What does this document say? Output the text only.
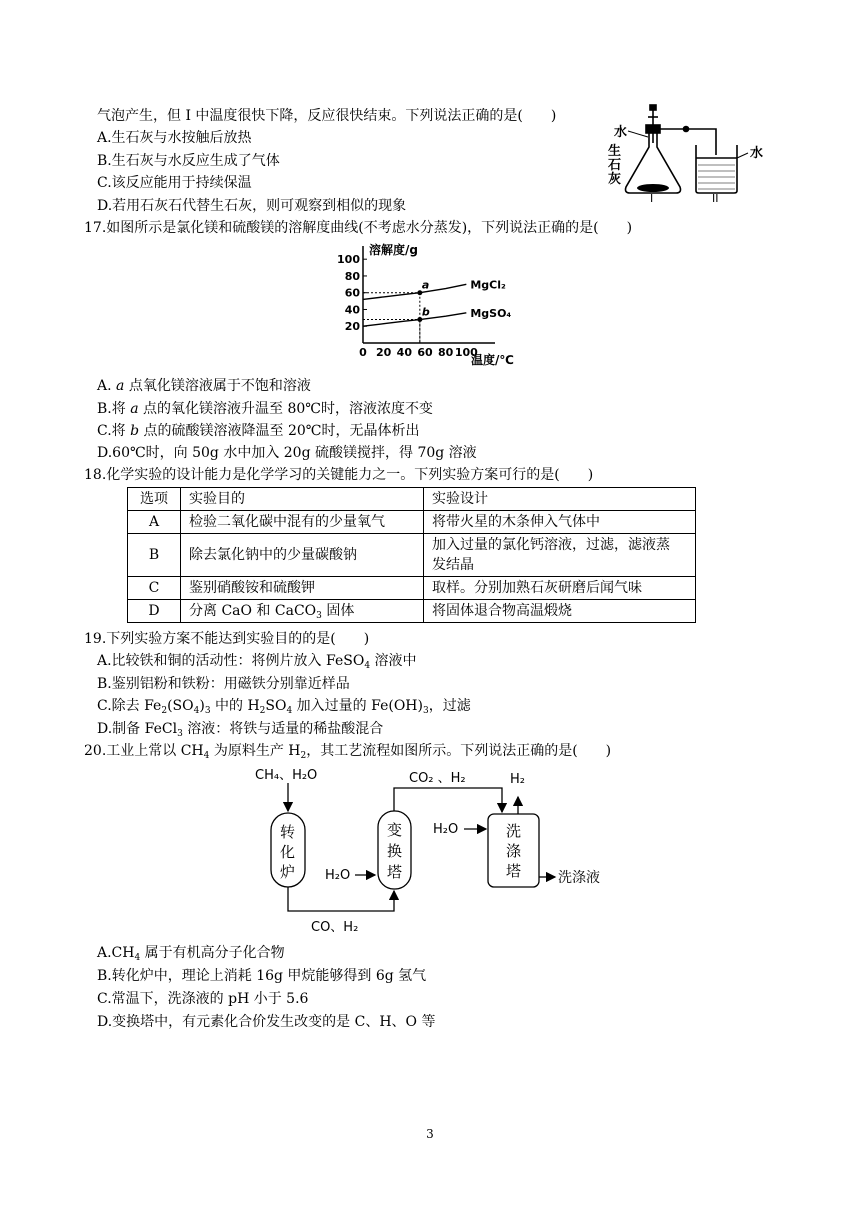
气泡产生，但 I 中温度很快下降，反应很快结束。下列说法正确的是(　　)
A.生石灰与水按触后放热
B.生石灰与水反应生成了气体
C.该反应能用于持续保温
D.若用石灰石代替生石灰，则可观察到相似的现象
水
生
石
灰
水
I	II
17.如图所示是氯化镁和硫酸镁的溶解度曲线(不考虑水分蒸发)，下列说法正确的是(　　)
0 20 40 60 80 100
20
40
60
80
100
MgCl₂
MgSO₄
a
b
溶解度/g
温度/℃
A. a 点氧化镁溶液属于不饱和溶液
B.将 a 点的氧化镁溶液升温至 80℃时，溶液浓度不变
C.将 b 点的硫酸镁溶液降温至 20℃时，无晶体析出
D.60℃时，向 50g 水中加入 20g 硫酸镁搅拌，得 70g 溶液
18.化学实验的设计能力是化学学习的关键能力之一。下列实验方案可行的是(　　)
选项	实验目的	实验设计
A	检验二氧化碳中混有的少量氧气	将带火星的木条伸入气体中
B	除去氯化钠中的少量碳酸钠	加入过量的氯化钙溶液，过滤，滤液蒸
发结晶

C	鉴别硝酸铵和硫酸钾	取样。分别加熟石灰研磨后闻气味
D	分离 CaO 和 CaCO$_3$ 固体	将固体退合物高温煅烧
19.下列实验方案不能达到实验目的的是(　　)
A.比较铁和铜的活动性：将例片放入 FeSO$_4$ 溶液中
B.鉴别铝粉和铁粉：用磁铁分别靠近样品
C.除去 $Fe_2(SO_4)_3$ 中的 $H_2SO_4$ 加入过量的 $Fe(OH)_3$，过滤
D.制备 FeCl$_3$ 溶液：将铁与适量的稀盐酸混合
20.工业上常以 $CH_4$ 为原料生产 $H_2$，其工艺流程如图所示。下列说法正确的是(　　)
CH₄、H₂O
转
化
炉
变
换
塔
洗
涤
塔
H₂O
CO、H₂
CO₂ 、H₂
H₂O
H₂
洗涤液
$A.CH_4$ 属于有机高分子化合物
B.转化炉中，理论上消耗 16g 甲烷能够得到 6g 氢气
C.常温下，洗涤液的 pH 小于 5.6
D.变换塔中，有元素化合价发生改变的是 C、H、O 等
3
